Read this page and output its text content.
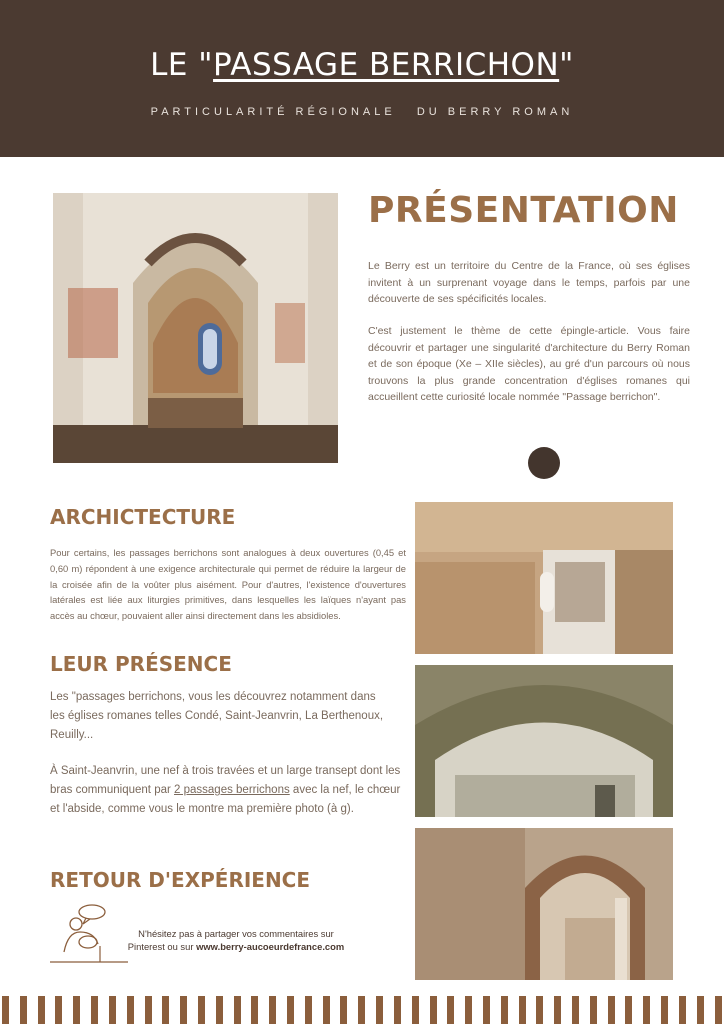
LE "PASSAGE BERRICHON"
PARTICULARITÉ RÉGIONALE   DU BERRY ROMAN
PRÉSENTATION
Le Berry est un territoire du Centre de la France, où ses églises invitent à un surprenant voyage dans le temps, parfois par une découverte de ses spécificités locales.
C'est justement le thème de cette épingle-article. Vous faire découvrir et partager une singularité d'architecture du Berry Roman et de son époque (Xe – XIIe siècles), au gré d'un parcours où nous trouvons la plus grande concentration d'églises romanes qui accueillent cette curiosité locale nommée "Passage berrichon".
ARCHICTECTURE
Pour certains, les passages berrichons sont analogues à deux ouvertures (0,45 et 0,60 m) répondent à une exigence architecturale qui permet de réduire la largeur de la croisée afin de la voûter plus aisément. Pour d'autres, l'existence d'ouvertures latérales est liée aux liturgies primitives, dans lesquelles les laïques n'ayant pas accès au chœur, pouvaient aller ainsi directement dans les absidioles.
LEUR PRÉSENCE
Les "passages berrichons, vous les découvrez notamment dans les églises romanes telles Condé, Saint-Jeanvrin, La Berthenoux, Reuilly...
À Saint-Jeanvrin, une nef à trois travées et un large transept dont les bras communiquent par 2 passages berrichons avec la nef, le chœur et l'abside, comme vous le montre ma première photo (à g).
RETOUR D'EXPÉRIENCE
N'hésitez pas à partager vos commentaires sur
Pinterest ou sur www.berry-aucoeurdefrance.com
